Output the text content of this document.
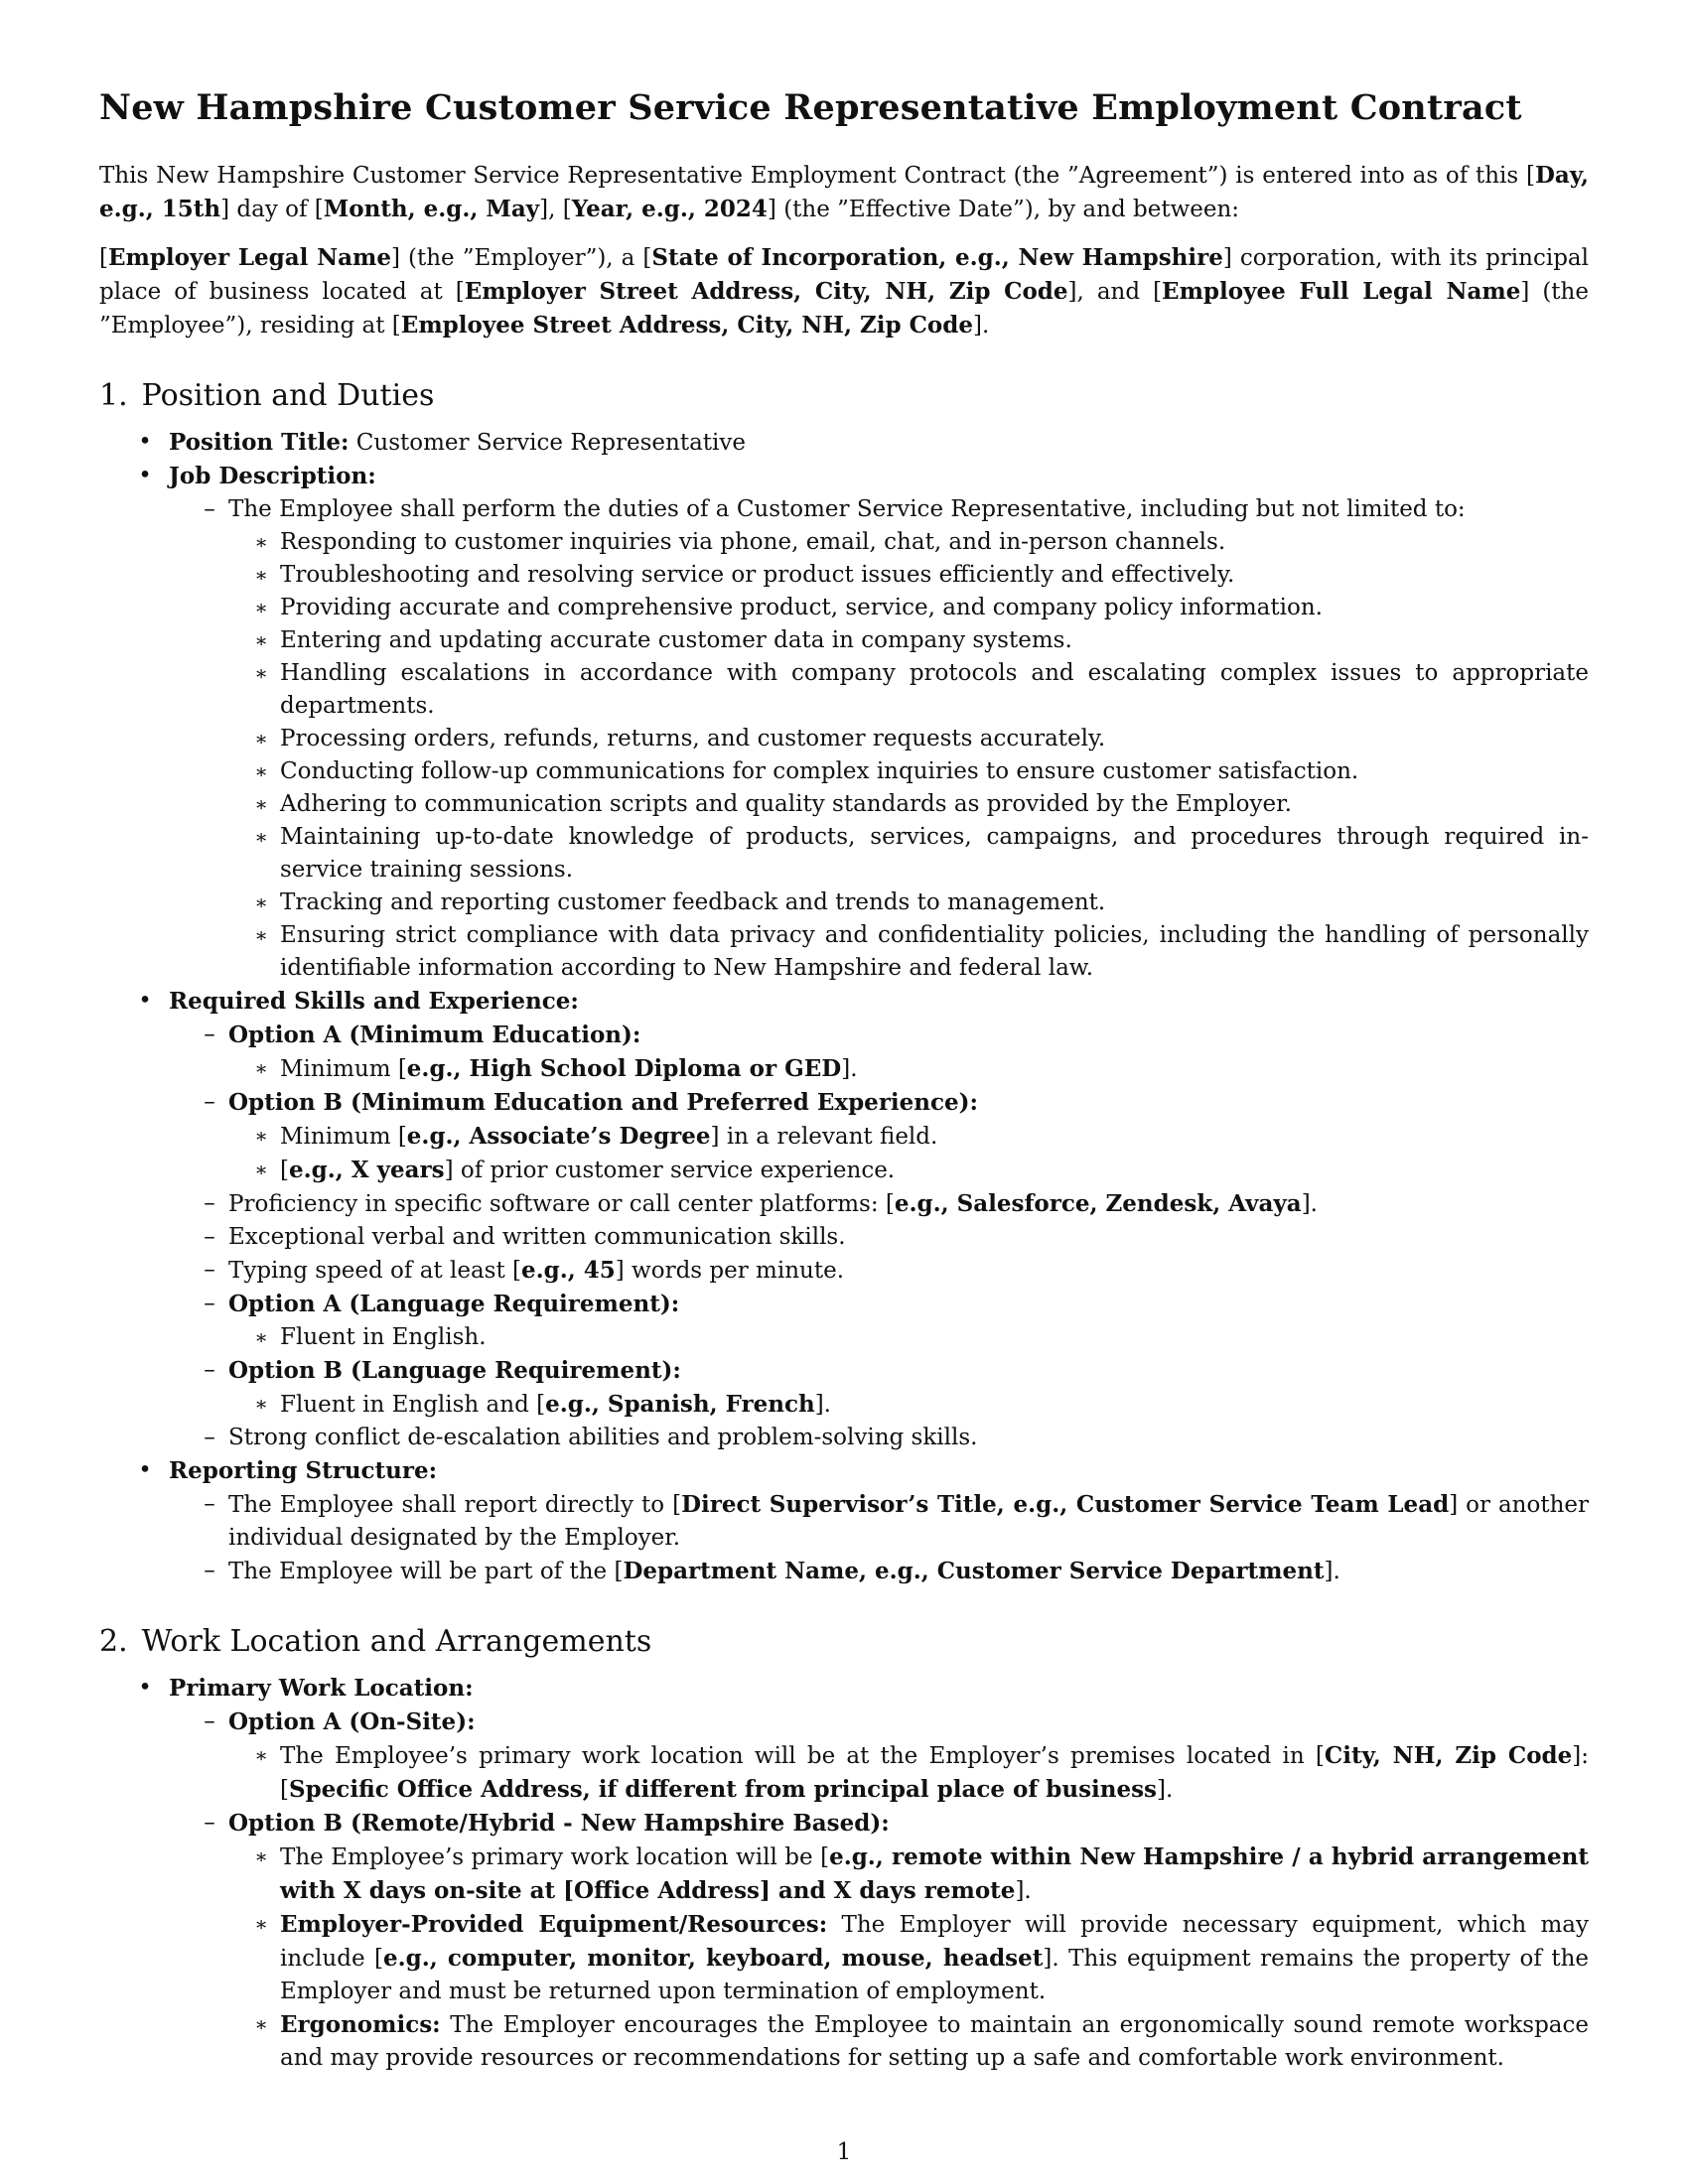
New Hampshire Customer Service Representative Employment Contract

This New Hampshire Customer Service Representative Employment Contract (the ”Agreement”) is entered into as of this [Day, e.g., 15th] day of [Month, e.g., May], [Year, e.g., 2024] (the ”Effective Date”), by and between:

[Employer Legal Name] (the ”Employer”), a [State of Incorporation, e.g., New Hampshire] corporation, with its principal place of business located at [Employer Street Address, City, NH, Zip Code], and [Employee Full Legal Name] (the ”Employee”), residing at [Employee Street Address, City, NH, Zip Code].

1. Position and Duties
• Position Title: Customer Service Representative
• Job Description:
– The Employee shall perform the duties of a Customer Service Representative, including but not limited to:
∗ Responding to customer inquiries via phone, email, chat, and in-person channels.
∗ Troubleshooting and resolving service or product issues efficiently and effectively.
∗ Providing accurate and comprehensive product, service, and company policy information.
∗ Entering and updating accurate customer data in company systems.
∗ Handling escalations in accordance with company protocols and escalating complex issues to appropriate departments.
∗ Processing orders, refunds, returns, and customer requests accurately.
∗ Conducting follow-up communications for complex inquiries to ensure customer satisfaction.
∗ Adhering to communication scripts and quality standards as provided by the Employer.
∗ Maintaining up-to-date knowledge of products, services, campaigns, and procedures through required in-service training sessions.
∗ Tracking and reporting customer feedback and trends to management.
∗ Ensuring strict compliance with data privacy and confidentiality policies, including the handling of personally identifiable information according to New Hampshire and federal law.
• Required Skills and Experience:
– Option A (Minimum Education):
∗ Minimum [e.g., High School Diploma or GED].
– Option B (Minimum Education and Preferred Experience):
∗ Minimum [e.g., Associate’s Degree] in a relevant field.
∗ [e.g., X years] of prior customer service experience.
– Proficiency in specific software or call center platforms: [e.g., Salesforce, Zendesk, Avaya].
– Exceptional verbal and written communication skills.
– Typing speed of at least [e.g., 45] words per minute.
– Option A (Language Requirement):
∗ Fluent in English.
– Option B (Language Requirement):
∗ Fluent in English and [e.g., Spanish, French].
– Strong conflict de-escalation abilities and problem-solving skills.
• Reporting Structure:
– The Employee shall report directly to [Direct Supervisor’s Title, e.g., Customer Service Team Lead] or another individual designated by the Employer.
– The Employee will be part of the [Department Name, e.g., Customer Service Department].
2. Work Location and Arrangements
• Primary Work Location:
– Option A (On-Site):
∗ The Employee’s primary work location will be at the Employer’s premises located in [City, NH, Zip Code]: [Specific Office Address, if different from principal place of business].
– Option B (Remote/Hybrid - New Hampshire Based):
∗ The Employee’s primary work location will be [e.g., remote within New Hampshire / a hybrid arrangement with X days on-site at [Office Address] and X days remote].
∗ Employer-Provided Equipment/Resources: The Employer will provide necessary equipment, which may include [e.g., computer, monitor, keyboard, mouse, headset]. This equipment remains the property of the Employer and must be returned upon termination of employment.
∗ Ergonomics: The Employer encourages the Employee to maintain an ergonomically sound remote workspace and may provide resources or recommendations for setting up a safe and comfortable work environment.
1
